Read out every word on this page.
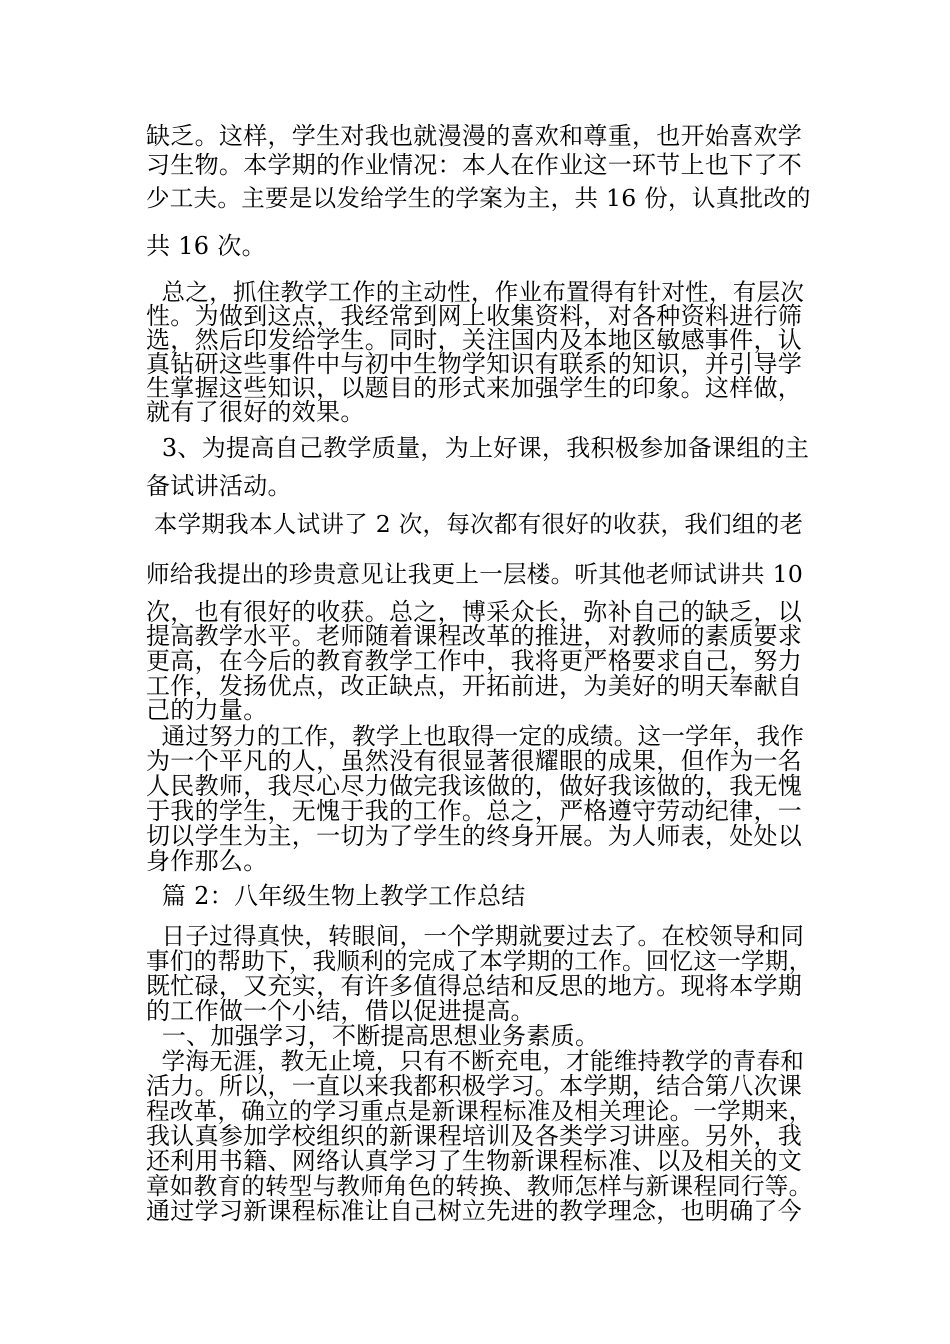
缺乏。这样，学生对我也就漫漫的喜欢和尊重，也开始喜欢学
习生物。本学期的作业情况：本人在作业这一环节上也下了不
少工夫。主要是以发给学生的学案为主，共 16 份，认真批改的
共 16 次。
总之，抓住教学工作的主动性，作业布置得有针对性，有层次
性。为做到这点，我经常到网上收集资料，对各种资料进行筛
选，然后印发给学生。同时，关注国内及本地区敏感事件，认
真钻研这些事件中与初中生物学知识有联系的知识，并引导学
生掌握这些知识，以题目的形式来加强学生的印象。这样做，
就有了很好的效果。
3、为提高自己教学质量，为上好课，我积极参加备课组的主
备试讲活动。
本学期我本人试讲了 2 次，每次都有很好的收获，我们组的老
师给我提出的珍贵意见让我更上一层楼。听其他老师试讲共 10
次，也有很好的收获。总之，博采众长，弥补自己的缺乏，以
提高教学水平。老师随着课程改革的推进，对教师的素质要求
更高，在今后的教育教学工作中，我将更严格要求自己，努力
工作，发扬优点，改正缺点，开拓前进，为美好的明天奉献自
己的力量。
通过努力的工作，教学上也取得一定的成绩。这一学年，我作
为一个平凡的人，虽然没有很显著很耀眼的成果，但作为一名
人民教师，我尽心尽力做完我该做的，做好我该做的，我无愧
于我的学生，无愧于我的工作。总之，严格遵守劳动纪律，一
切以学生为主，一切为了学生的终身开展。为人师表，处处以
身作那么。
篇 2：八年级生物上教学工作总结
日子过得真快，转眼间，一个学期就要过去了。在校领导和同
事们的帮助下，我顺利的完成了本学期的工作。回忆这一学期，
既忙碌，又充实，有许多值得总结和反思的地方。现将本学期
的工作做一个小结，借以促进提高。
一、加强学习，不断提高思想业务素质。
学海无涯，教无止境，只有不断充电，才能维持教学的青春和
活力。所以，一直以来我都积极学习。本学期，结合第八次课
程改革，确立的学习重点是新课程标准及相关理论。一学期来，
我认真参加学校组织的新课程培训及各类学习讲座。另外，我
还利用书籍、网络认真学习了生物新课程标准、以及相关的文
章如教育的转型与教师角色的转换、教师怎样与新课程同行等。
通过学习新课程标准让自己树立先进的教学理念，也明确了今
